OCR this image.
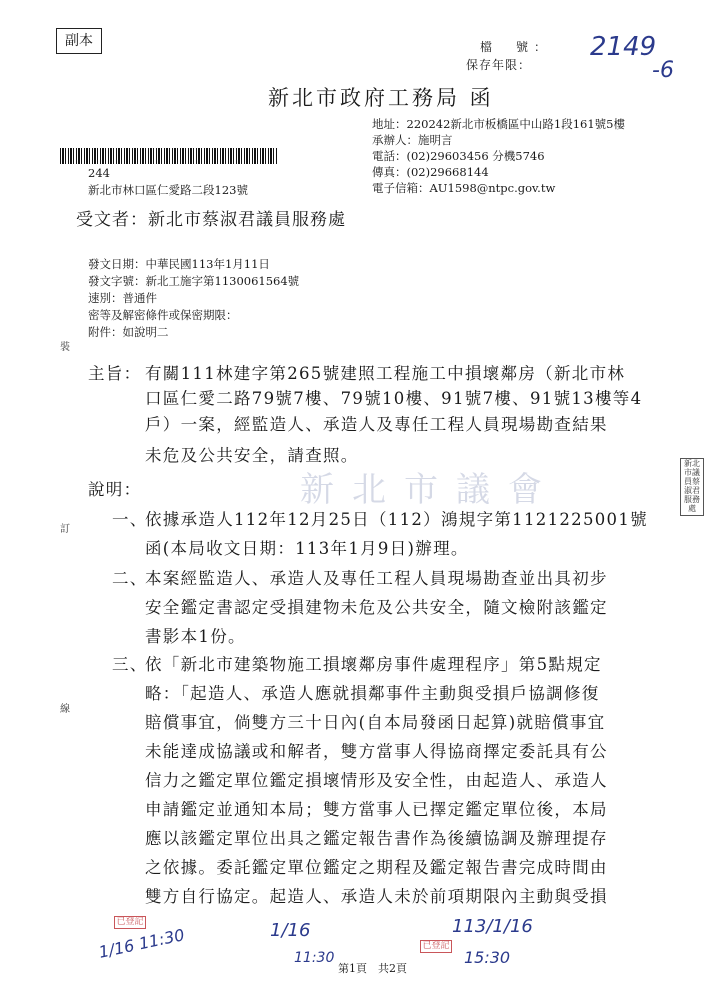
副本	檔　號：
保存年限：
2149
-6
新北市政府工務局 函
地址：220242新北市板橋區中山路1段161號5樓
承辦人：施明言
電話：(02)29603456 分機5746
傳真：(02)29668144
電子信箱：AU1598@ntpc.gov.tw
244
新北市林口區仁愛路二段123號
受文者：新北市蔡淑君議員服務處
發文日期：中華民國113年1月11日
發文字號：新北工施字第1130061564號
速別：普通件
密等及解密條件或保密期限：
附件：如說明二
裝
訂
線
主旨： 有關111林建字第265號建照工程施工中損壞鄰房（新北市林
口區仁愛二路79號7樓、79號10樓、91號7樓、91號13樓等4
戶）一案，經監造人、承造人及專任工程人員現場勘查結果
未危及公共安全，請查照。
新北市議會
新北市議員蔡淑君服務處
說明：
一、
依據承造人112年12月25日（112）鴻規字第1121225001號
函(本局收文日期：113年1月9日)辦理。
二、
本案經監造人、承造人及專任工程人員現場勘查並出具初步
安全鑑定書認定受損建物未危及公共安全，隨文檢附該鑑定
書影本1份。
三、
依「新北市建築物施工損壞鄰房事件處理程序」第5點規定
略：「起造人、承造人應就損鄰事件主動與受損戶協調修復
賠償事宜，倘雙方三十日內(自本局發函日起算)就賠償事宜
未能達成協議或和解者，雙方當事人得協商擇定委託具有公
信力之鑑定單位鑑定損壞情形及安全性，由起造人、承造人
申請鑑定並通知本局；雙方當事人已擇定鑑定單位後，本局
應以該鑑定單位出具之鑑定報告書作為後續協調及辦理提存
之依據。委託鑑定單位鑑定之期程及鑑定報告書完成時間由
雙方自行協定。起造人、承造人未於前項期限內主動與受損
已登記
1/16 11:30	1/16
11:30
113/1/16
已登記
15:30
第1頁　共2頁
